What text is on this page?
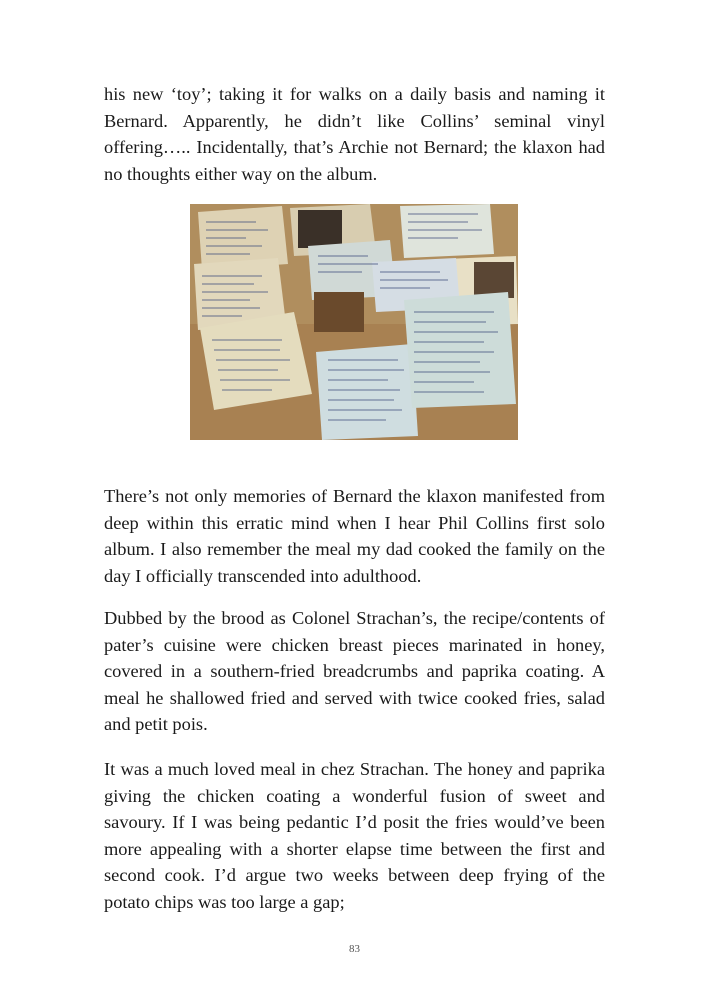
his new ‘toy’; taking it for walks on a daily basis and naming it Bernard. Apparently, he didn’t like Collins’ seminal vinyl offering….. Incidentally, that’s Archie not Bernard; the klaxon had no thoughts either way on the album.

There’s not only memories of Bernard the klaxon manifested from deep within this erratic mind when I hear Phil Collins first solo album. I also remember the meal my dad cooked the family on the day I officially transcended into adulthood.

Dubbed by the brood as Colonel Strachan’s, the recipe/contents of pater’s cuisine were chicken breast pieces marinated in honey, covered in a southern-fried breadcrumbs and paprika coating. A meal he shallowed fried and served with twice cooked fries, salad and petit pois.

It was a much loved meal in chez Strachan. The honey and paprika giving the chicken coating a wonderful fusion of sweet and savoury. If I was being pedantic I’d posit the fries would’ve been more appealing with a shorter elapse time between the first and second cook. I’d argue two weeks between deep frying of the potato chips was too large a gap;

83
